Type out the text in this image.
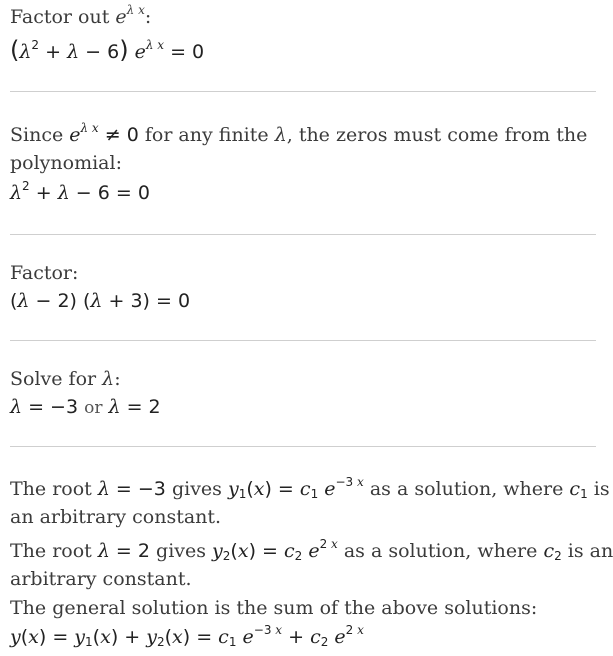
Factor out $e^{\lambda x}$:
$(\lambda^2 + \lambda - 6) e^{\lambda x} = 0$
Since $e^{\lambda x} \ne 0$ for any finite λ, the zeros must come from the
polynomial:
$\lambda^2 + \lambda - 6 = 0$
Factor:
(λ − 2) (λ + 3) = 0
Solve for λ:
λ = −3 or λ = 2
The root λ = −3 gives $y_1(x) = c_1$ $e^{-3 x}$ as a solution, where $c_1$ is
an arbitrary constant.
The root λ = 2 gives $y_2(x) = c_2$ $e^{2 x}$ as a solution, where $c_2$ is an
arbitrary constant.
The general solution is the sum of the above solutions:
$y(x) = y_1(x) + y_2(x) = c_1$ $e^{-3 x} + c_2$ $e^{2 x}$
